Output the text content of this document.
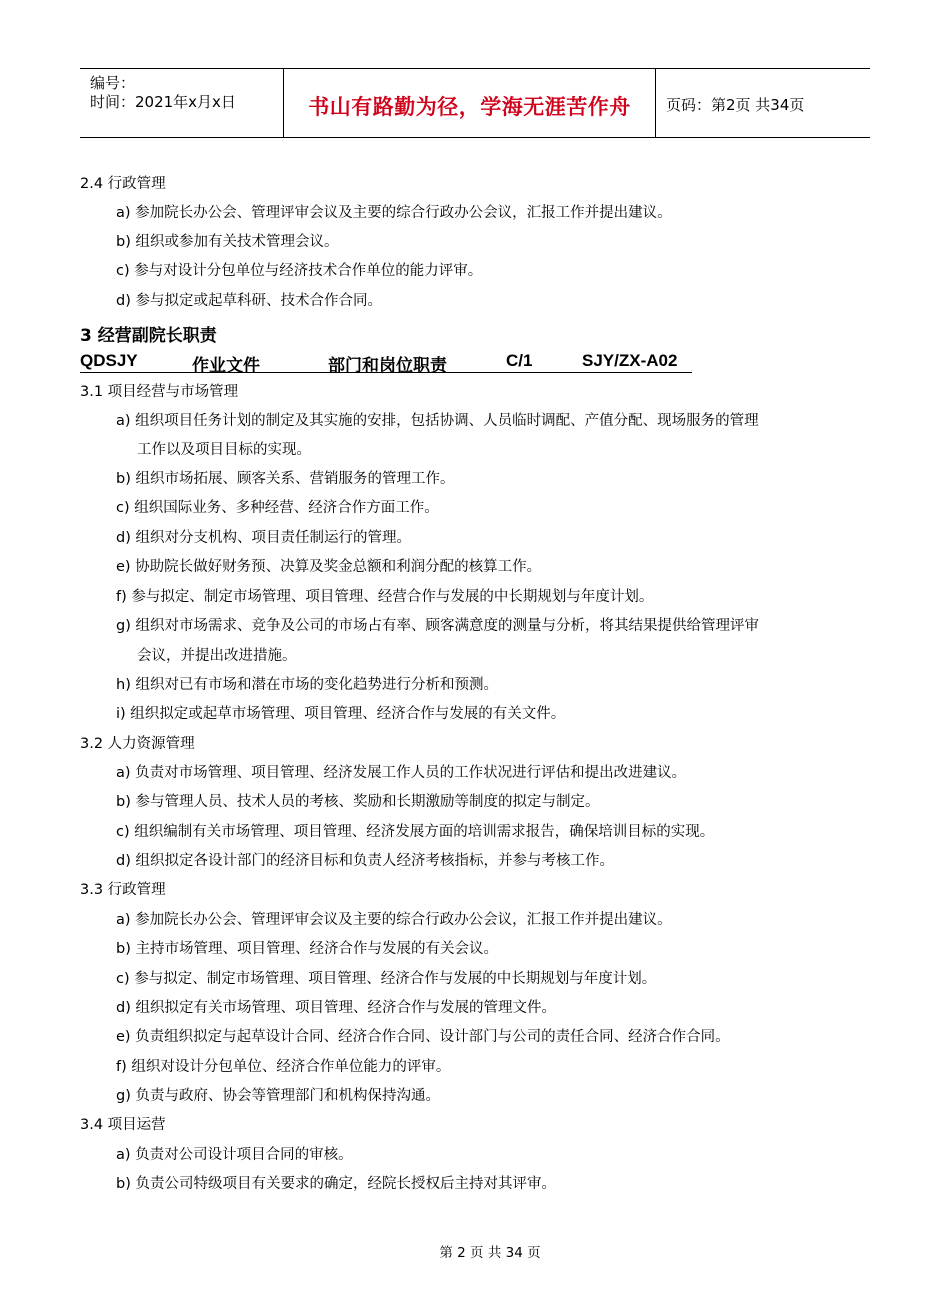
编号：
时间：2021年x月x日	书山有路勤为径，学海无涯苦作舟	页码：第2页 共34页
2.4 行政管理
a) 参加院长办公会、管理评审会议及主要的综合行政办公会议，汇报工作并提出建议。
b) 组织或参加有关技术管理会议。
c) 参与对设计分包单位与经济技术合作单位的能力评审。
d) 参与拟定或起草科研、技术合作合同。
3 经营副院长职责
QDSJY	作业文件	部门和岗位职责	C/1	SJY/ZX-A02
3.1 项目经营与市场管理
a) 组织项目任务计划的制定及其实施的安排，包括协调、人员临时调配、产值分配、现场服务的管理
工作以及项目目标的实现。
b) 组织市场拓展、顾客关系、营销服务的管理工作。
c) 组织国际业务、多种经营、经济合作方面工作。
d) 组织对分支机构、项目责任制运行的管理。
e) 协助院长做好财务预、决算及奖金总额和利润分配的核算工作。
f) 参与拟定、制定市场管理、项目管理、经营合作与发展的中长期规划与年度计划。
g) 组织对市场需求、竞争及公司的市场占有率、顾客满意度的测量与分析，将其结果提供给管理评审
会议，并提出改进措施。
h) 组织对已有市场和潜在市场的变化趋势进行分析和预测。
i) 组织拟定或起草市场管理、项目管理、经济合作与发展的有关文件。
3.2 人力资源管理
a) 负责对市场管理、项目管理、经济发展工作人员的工作状况进行评估和提出改进建议。
b) 参与管理人员、技术人员的考核、奖励和长期激励等制度的拟定与制定。
c) 组织编制有关市场管理、项目管理、经济发展方面的培训需求报告，确保培训目标的实现。
d) 组织拟定各设计部门的经济目标和负责人经济考核指标，并参与考核工作。
3.3 行政管理
a) 参加院长办公会、管理评审会议及主要的综合行政办公会议，汇报工作并提出建议。
b) 主持市场管理、项目管理、经济合作与发展的有关会议。
c) 参与拟定、制定市场管理、项目管理、经济合作与发展的中长期规划与年度计划。
d) 组织拟定有关市场管理、项目管理、经济合作与发展的管理文件。
e) 负责组织拟定与起草设计合同、经济合作合同、设计部门与公司的责任合同、经济合作合同。
f) 组织对设计分包单位、经济合作单位能力的评审。
g) 负责与政府、协会等管理部门和机构保持沟通。
3.4 项目运营
a) 负责对公司设计项目合同的审核。
b) 负责公司特级项目有关要求的确定，经院长授权后主持对其评审。
第 2 页 共 34 页
